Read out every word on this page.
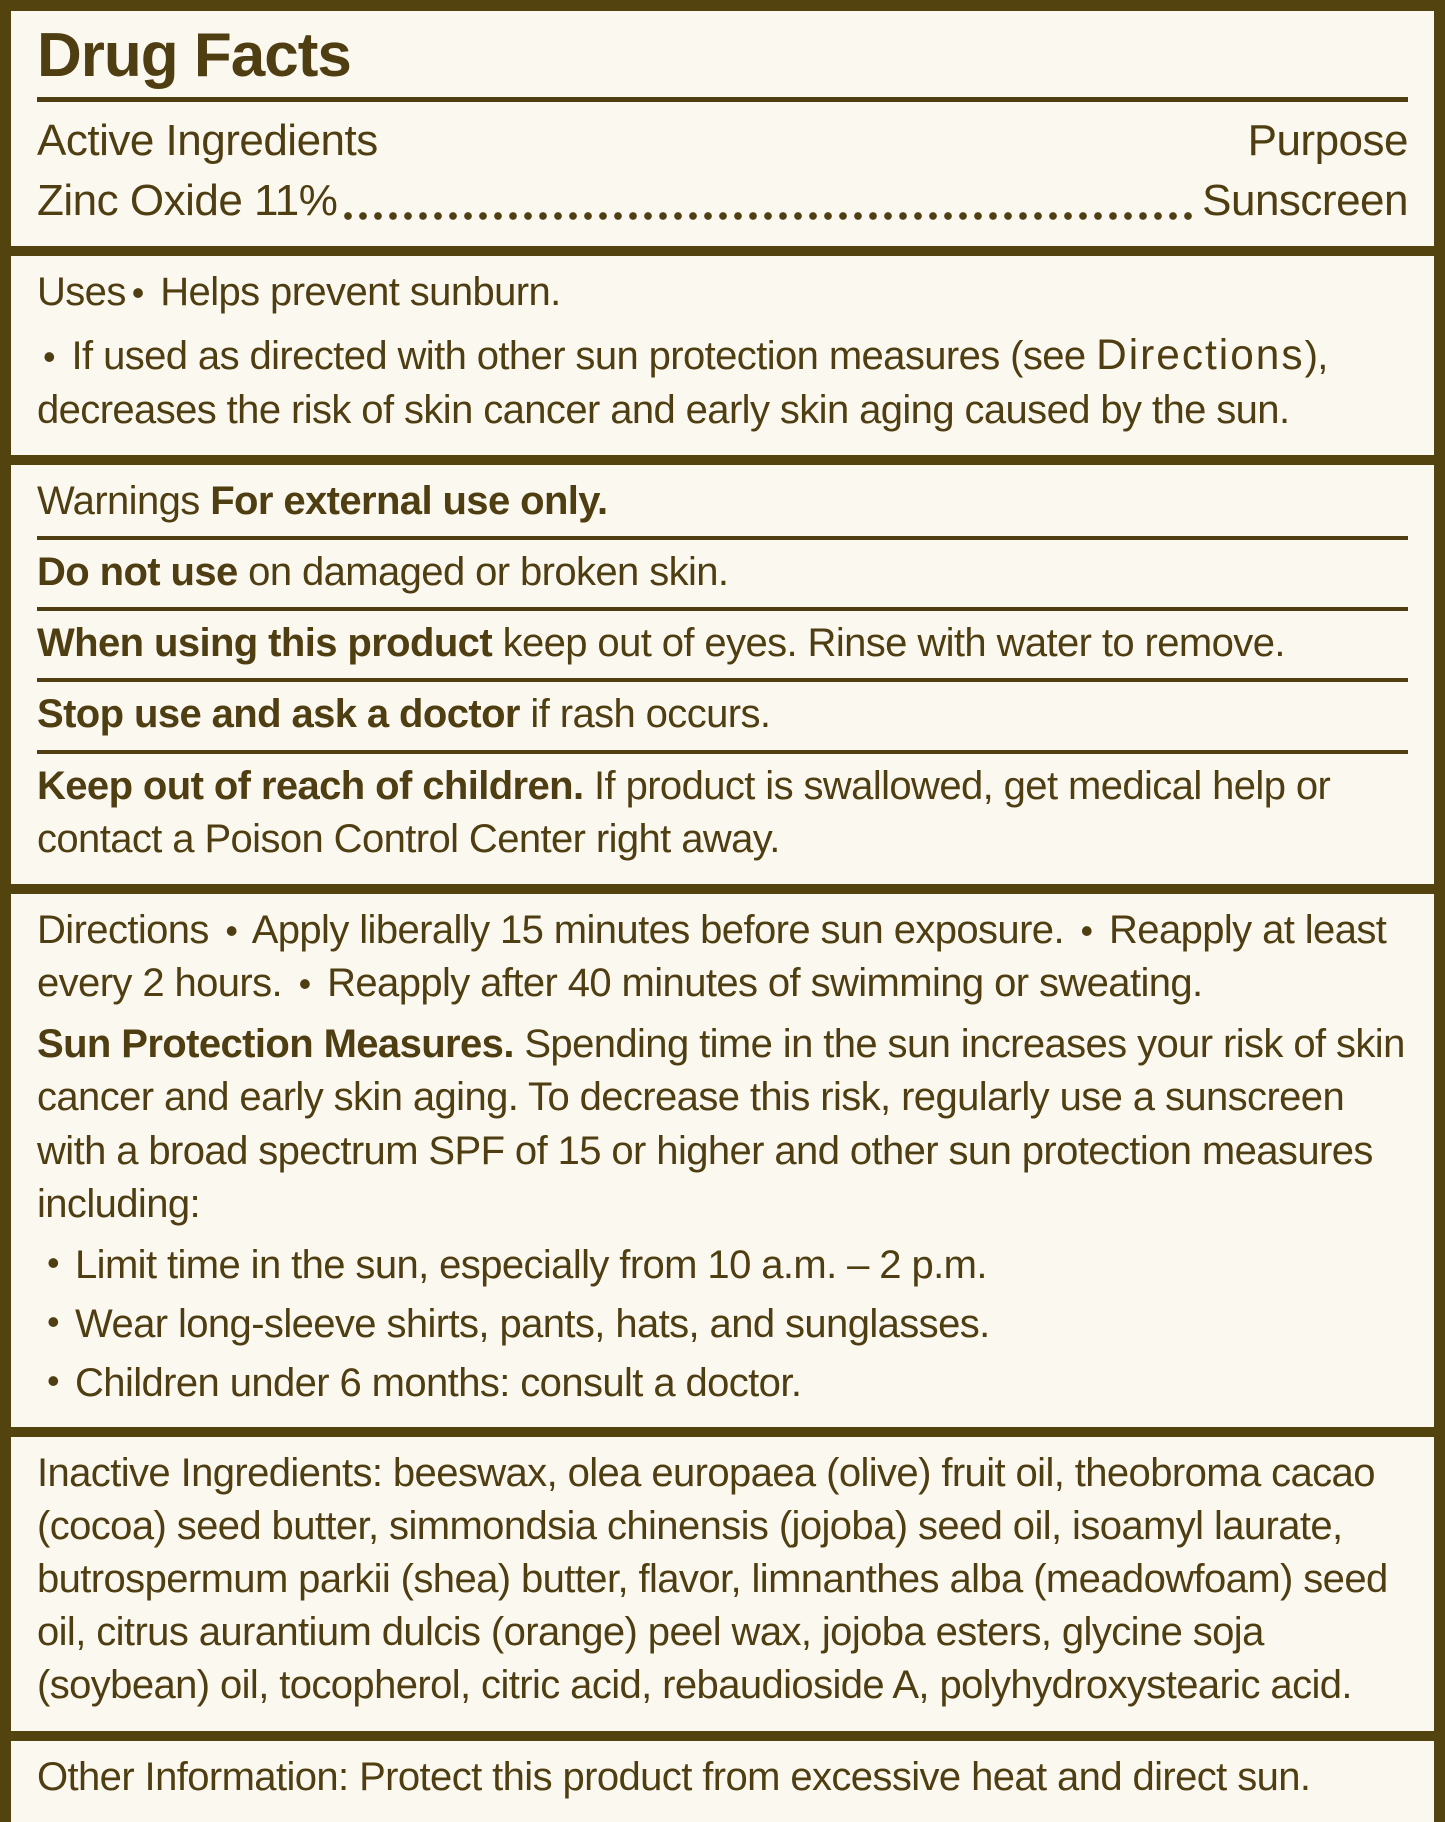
Drug Facts
Active Ingredients	Purpose
Zinc Oxide 11%	Sunscreen

Uses • Helps prevent sunburn.

• If used as directed with other sun protection measures (see Directions), decreases the risk of skin cancer and early skin aging caused by the sun.

Warnings For external use only.

Do not use on damaged or broken skin.

When using this product keep out of eyes. Rinse with water to remove.

Stop use and ask a doctor if rash occurs.

Keep out of reach of children. If product is swallowed, get medical help or contact a Poison Control Center right away.

Directions • Apply liberally 15 minutes before sun exposure. • Reapply at least every 2 hours. • Reapply after 40 minutes of swimming or sweating.

Sun Protection Measures. Spending time in the sun increases your risk of skin cancer and early skin aging. To decrease this risk, regularly use a sunscreen with a broad spectrum SPF of 15 or higher and other sun protection measures including:

• Limit time in the sun, especially from 10 a.m. – 2 p.m.
• Wear long-sleeve shirts, pants, hats, and sunglasses.
• Children under 6 months: consult a doctor.

Inactive Ingredients: beeswax, olea europaea (olive) fruit oil, theobroma cacao (cocoa) seed butter, simmondsia chinensis (jojoba) seed oil, isoamyl laurate, butrospermum parkii (shea) butter, flavor, limnanthes alba (meadowfoam) seed oil, citrus aurantium dulcis (orange) peel wax, jojoba esters, glycine soja (soybean) oil, tocopherol, citric acid, rebaudioside A, polyhydroxystearic acid.

Other Information: Protect this product from excessive heat and direct sun.
